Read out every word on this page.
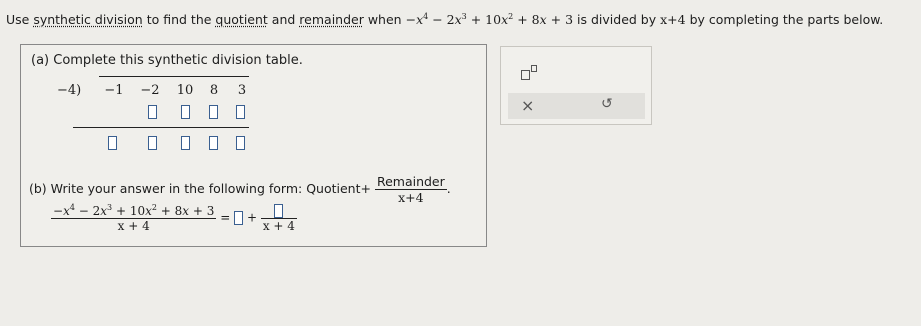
Use synthetic division to find the quotient and remainder when $-x^4 - 2x^3 + 10x^2 + 8x + 3$ is divided by x+4 by completing the parts below.
(a) Complete this synthetic division table.
−4)	−1	−2	10	8	3
(b) Write your answer in the following form: Quotient+ $\frac{\text{Remainder}}{x+4}$ .
$\frac{-x^4 - 2x^3 + 10x^2 + 8x + 3}{x + 4}$ = +
x + 4
×	↺
